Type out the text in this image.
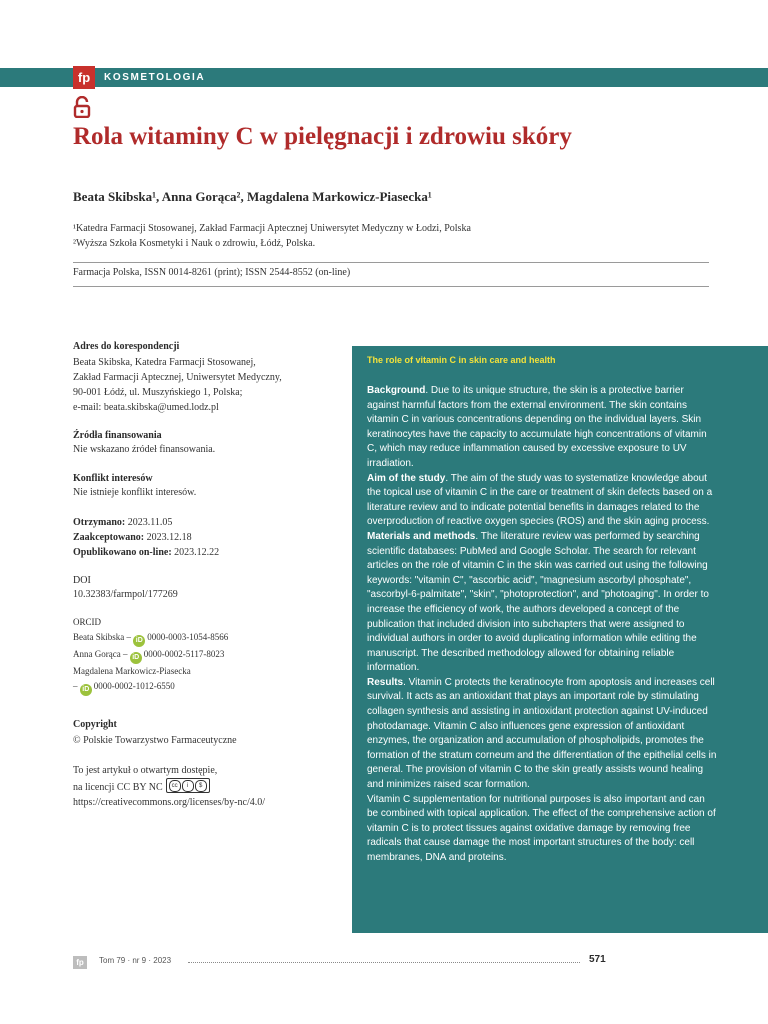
fp	KOSMETOLOGIA
Rola witaminy C w pielęgnacji i zdrowiu skóry
Beata Skibska¹, Anna Gorąca², Magdalena Markowicz-Piasecka¹
¹Katedra Farmacji Stosowanej, Zakład Farmacji Aptecznej Uniwersytet Medyczny w Łodzi, Polska
²Wyższa Szkoła Kosmetyki i Nauk o zdrowiu, Łódź, Polska.
Farmacja Polska, ISSN 0014-8261 (print); ISSN 2544-8552 (on-line)
Adres do korespondencji
Beata Skibska, Katedra Farmacji Stosowanej,
Zakład Farmacji Aptecznej, Uniwersytet Medyczny,
90-001 Łódź, ul. Muszyńskiego 1, Polska;
e-mail: beata.skibska@umed.lodz.pl
Źródła finansowania
Nie wskazano źródeł finansowania.
Konflikt interesów
Nie istnieje konflikt interesów.
Otrzymano: 2023.11.05
Zaakceptowano: 2023.12.18
Opublikowano on-line: 2023.12.22
DOI
10.32383/farmpol/177269
ORCID
Beata Skibska – iD 0000-0003-1054-8566
Anna Gorąca – iD 0000-0002-5117-8023
Magdalena Markowicz-Piasecka
– iD 0000-0002-1012-6550
Copyright
© Polskie Towarzystwo Farmaceutyczne
To jest artykuł o otwartym dostępie,
na licencji CC BY NC	cc	i	$
https://creativecommons.org/licenses/by-nc/4.0/
The role of vitamin C in skin care and health

Background. Due to its unique structure, the skin is a protective barrier against harmful factors from the external environment. The skin contains vitamin C in various concentrations depending on the individual layers. Skin keratinocytes have the capacity to accumulate high concentrations of vitamin C, which may reduce inflammation caused by excessive exposure to UV irradiation.

Aim of the study. The aim of the study was to systematize knowledge about the topical use of vitamin C in the care or treatment of skin defects based on a literature review and to indicate potential benefits in damages related to the overproduction of reactive oxygen species (ROS) and the skin aging process.

Materials and methods. The literature review was performed by searching scientific databases: PubMed and Google Scholar. The search for relevant articles on the role of vitamin C in the skin was carried out using the following keywords: "vitamin C", "ascorbic acid", "magnesium ascorbyl phosphate", "ascorbyl-6-palmitate", "skin", "photoprotection", and "photoaging". In order to increase the efficiency of work, the authors developed a concept of the publication that included division into subchapters that were assigned to individual authors in order to avoid duplicating information while editing the manuscript. The described methodology allowed for obtaining reliable information.

Results. Vitamin C protects the keratinocyte from apoptosis and increases cell survival. It acts as an antioxidant that plays an important role by stimulating collagen synthesis and assisting in antioxidant protection against UV-induced photodamage. Vitamin C also influences gene expression of antioxidant enzymes, the organization and accumulation of phospholipids, promotes the formation of the stratum corneum and the differentiation of the epithelial cells in general. The provision of vitamin C to the skin greatly assists wound healing and minimizes raised scar formation.

Vitamin C supplementation for nutritional purposes is also important and can be combined with topical application. The effect of the comprehensive action of vitamin C is to protect tissues against oxidative damage by removing free radicals that cause damage the most important structures of the body: cell membranes, DNA and proteins.

fp	Tom 79 · nr 9 · 2023	571
